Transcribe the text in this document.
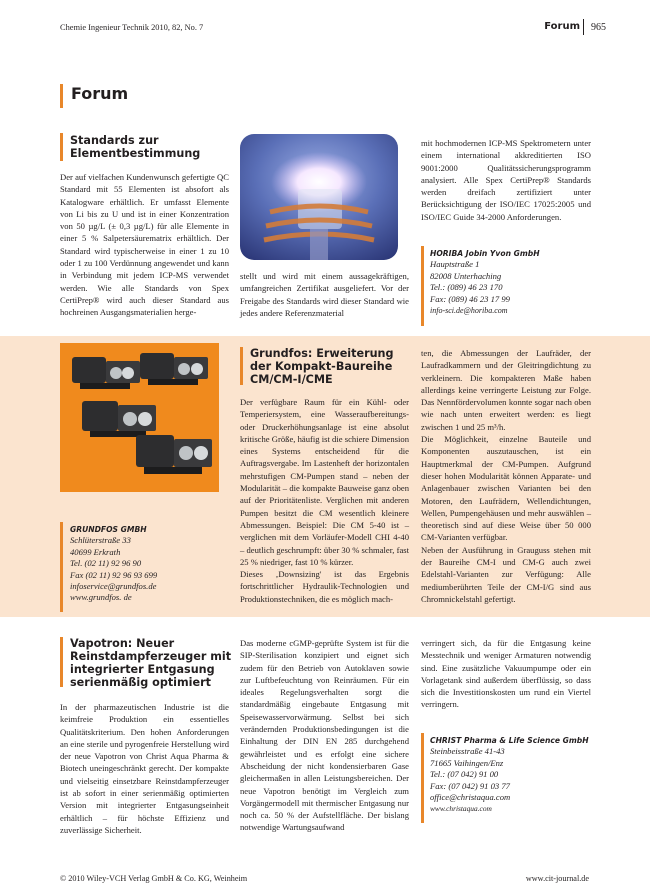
Chemie Ingenieur Technik 2010, 82, No. 7	Forum 965
Forum
Standards zur Elementbestimmung

Der auf vielfachen Kundenwunsch gefertigte QC Standard mit 55 Elementen ist absofort als Katalogware erhältlich. Er umfasst Elemente von Li bis zu U und ist in einer Konzentration von 50 µg/L (± 0,3 µg/L) für alle Elemente in einer 5 % Salpetersäurematrix erhältlich. Der Standard wird typischerweise in einer 1 zu 10 oder 1 zu 100 Verdünnung angewendet und kann in Verbindung mit jedem ICP-MS verwendet werden. Wie alle Standards von Spex CertiPrep® wird auch dieser Standard aus hochreinen Ausgangsmaterialien herge-

stellt und wird mit einem aussagekräftigen, umfangreichen Zertifikat ausgeliefert. Vor der Freigabe des Standards wird dieser Standard wie jedes andere Referenzmaterial

mit hochmodernen ICP-MS Spektrometern unter einem international akkreditierten ISO 9001:2000 Qualitätssicherungsprogramm analysiert. Alle Spex CertiPrep® Standards werden dreifach zertifiziert unter Berücksichtigung der ISO/IEC 17025:2005 und ISO/IEC Guide 34-2000 Anforderungen.

HORIBA Jobin Yvon GmbH
Hauptstraße 1
82008 Unterhaching
Tel.: (089) 46 23 170
Fax: (089) 46 23 17 99
info-sci.de@horiba.com
GRUNDFOS GMBH
Schlüterstraße 33
40699 Erkrath
Tel. (02 11) 92 96 90
Fax (02 11) 92 96 93 699
infoservice@grundfos.de
www.grundfos. de
Grundfos: Erweiterung der Kompakt-Baureihe CM/CM-I/CME

Der verfügbare Raum für ein Kühl- oder Temperiersystem, eine Wasseraufbereitungs- oder Druckerhöhungsanlage ist eine absolut kritische Größe, häufig ist die schiere Dimension eines Systems entscheidend für die Auftragsvergabe. Im Lastenheft der horizontalen mehrstufigen CM-Pumpen stand – neben der Modularität – die kompakte Bauweise ganz oben auf der Prioritätenliste. Verglichen mit anderen Pumpen besitzt die CM wesentlich kleinere Abmessungen. Beispiel: Die CM 5-40 ist – verglichen mit dem Vorläufer-Modell CHI 4-40 – deutlich geschrumpft: über 30 % schmaler, fast 25 % niedriger, fast 10 % kürzer.

Dieses ‚Downsizing' ist das Ergebnis fortschrittlicher Hydraulik-Technologien und Produktionstechniken, die es möglich mach-

ten, die Abmessungen der Laufräder, der Laufradkammern und der Gleitringdichtung zu verkleinern. Die kompakteren Maße haben allerdings keine verringerte Leistung zur Folge. Das Nennfördervolumen konnte sogar nach oben wie nach unten erweitert werden: es liegt zwischen 1 und 25 m³/h.

Die Möglichkeit, einzelne Bauteile und Komponenten auszutauschen, ist ein Hauptmerkmal der CM-Pumpen. Aufgrund dieser hohen Modularität können Apparate- und Anlagenbauer zwischen Varianten bei den Motoren, den Laufrädern, Wellendichtungen, Wellen, Pumpengehäusen und mehr auswählen – theoretisch sind auf diese Weise über 50 000 CM-Varianten verfügbar.

Neben der Ausführung in Grauguss stehen mit der Baureihe CM-I und CM-G auch zwei Edelstahl-Varianten zur Verfügung: Alle mediumberührten Teile der CM-I/G sind aus Chromnickelstahl gefertigt.

Vapotron: Neuer Reinstdampferzeuger mit integrierter Entgasung serienmäßig optimiert

In der pharmazeutischen Industrie ist die keimfreie Produktion ein essentielles Qualitätskriterium. Den hohen Anforderungen an eine sterile und pyrogenfreie Herstellung wird der neue Vapotron von Christ Aqua Pharma & Biotech uneingeschränkt gerecht. Der kompakte und vielseitig einsetzbare Reinstdampferzeuger ist ab sofort in einer serienmäßig optimierten Version mit integrierter Entgasungseinheit erhältlich – für höchste Effizienz und zuverlässige Sicherheit.

Das moderne cGMP-geprüfte System ist für die SIP-Sterilisation konzipiert und eignet sich zudem für den Betrieb von Autoklaven sowie zur Luftbefeuchtung von Reinräumen. Für ein ideales Regelungsverhalten sorgt die standardmäßig eingebaute Entgasung mit Speisewasservorwärmung. Selbst bei sich verändernden Produktionsbedingungen ist die Einhaltung der DIN EN 285 durchgehend gewährleistet und es erfolgt eine sichere Abscheidung der nicht kondensierbaren Gase gleichermaßen in allen Leistungsbereichen. Der neue Vapotron benötigt im Vergleich zum Vorgängermodell mit thermischer Entgasung nur noch ca. 50 % der Aufstellfläche. Der bislang notwendige Wartungsaufwand

verringert sich, da für die Entgasung keine Messtechnik und weniger Armaturen notwendig sind. Eine zusätzliche Vakuumpumpe oder ein Vorlagetank sind außerdem überflüssig, so dass sich die Investitionskosten um rund ein Viertel verringern.

CHRIST Pharma & Life Science GmbH
Steinbeisstraße 41-43
71665 Vaihingen/Enz
Tel.: (07 042) 91 00
Fax: (07 042) 91 03 77
office@christaqua.com
www.christaqua.com
© 2010 Wiley-VCH Verlag GmbH & Co. KG, Weinheim	www.cit-journal.de
